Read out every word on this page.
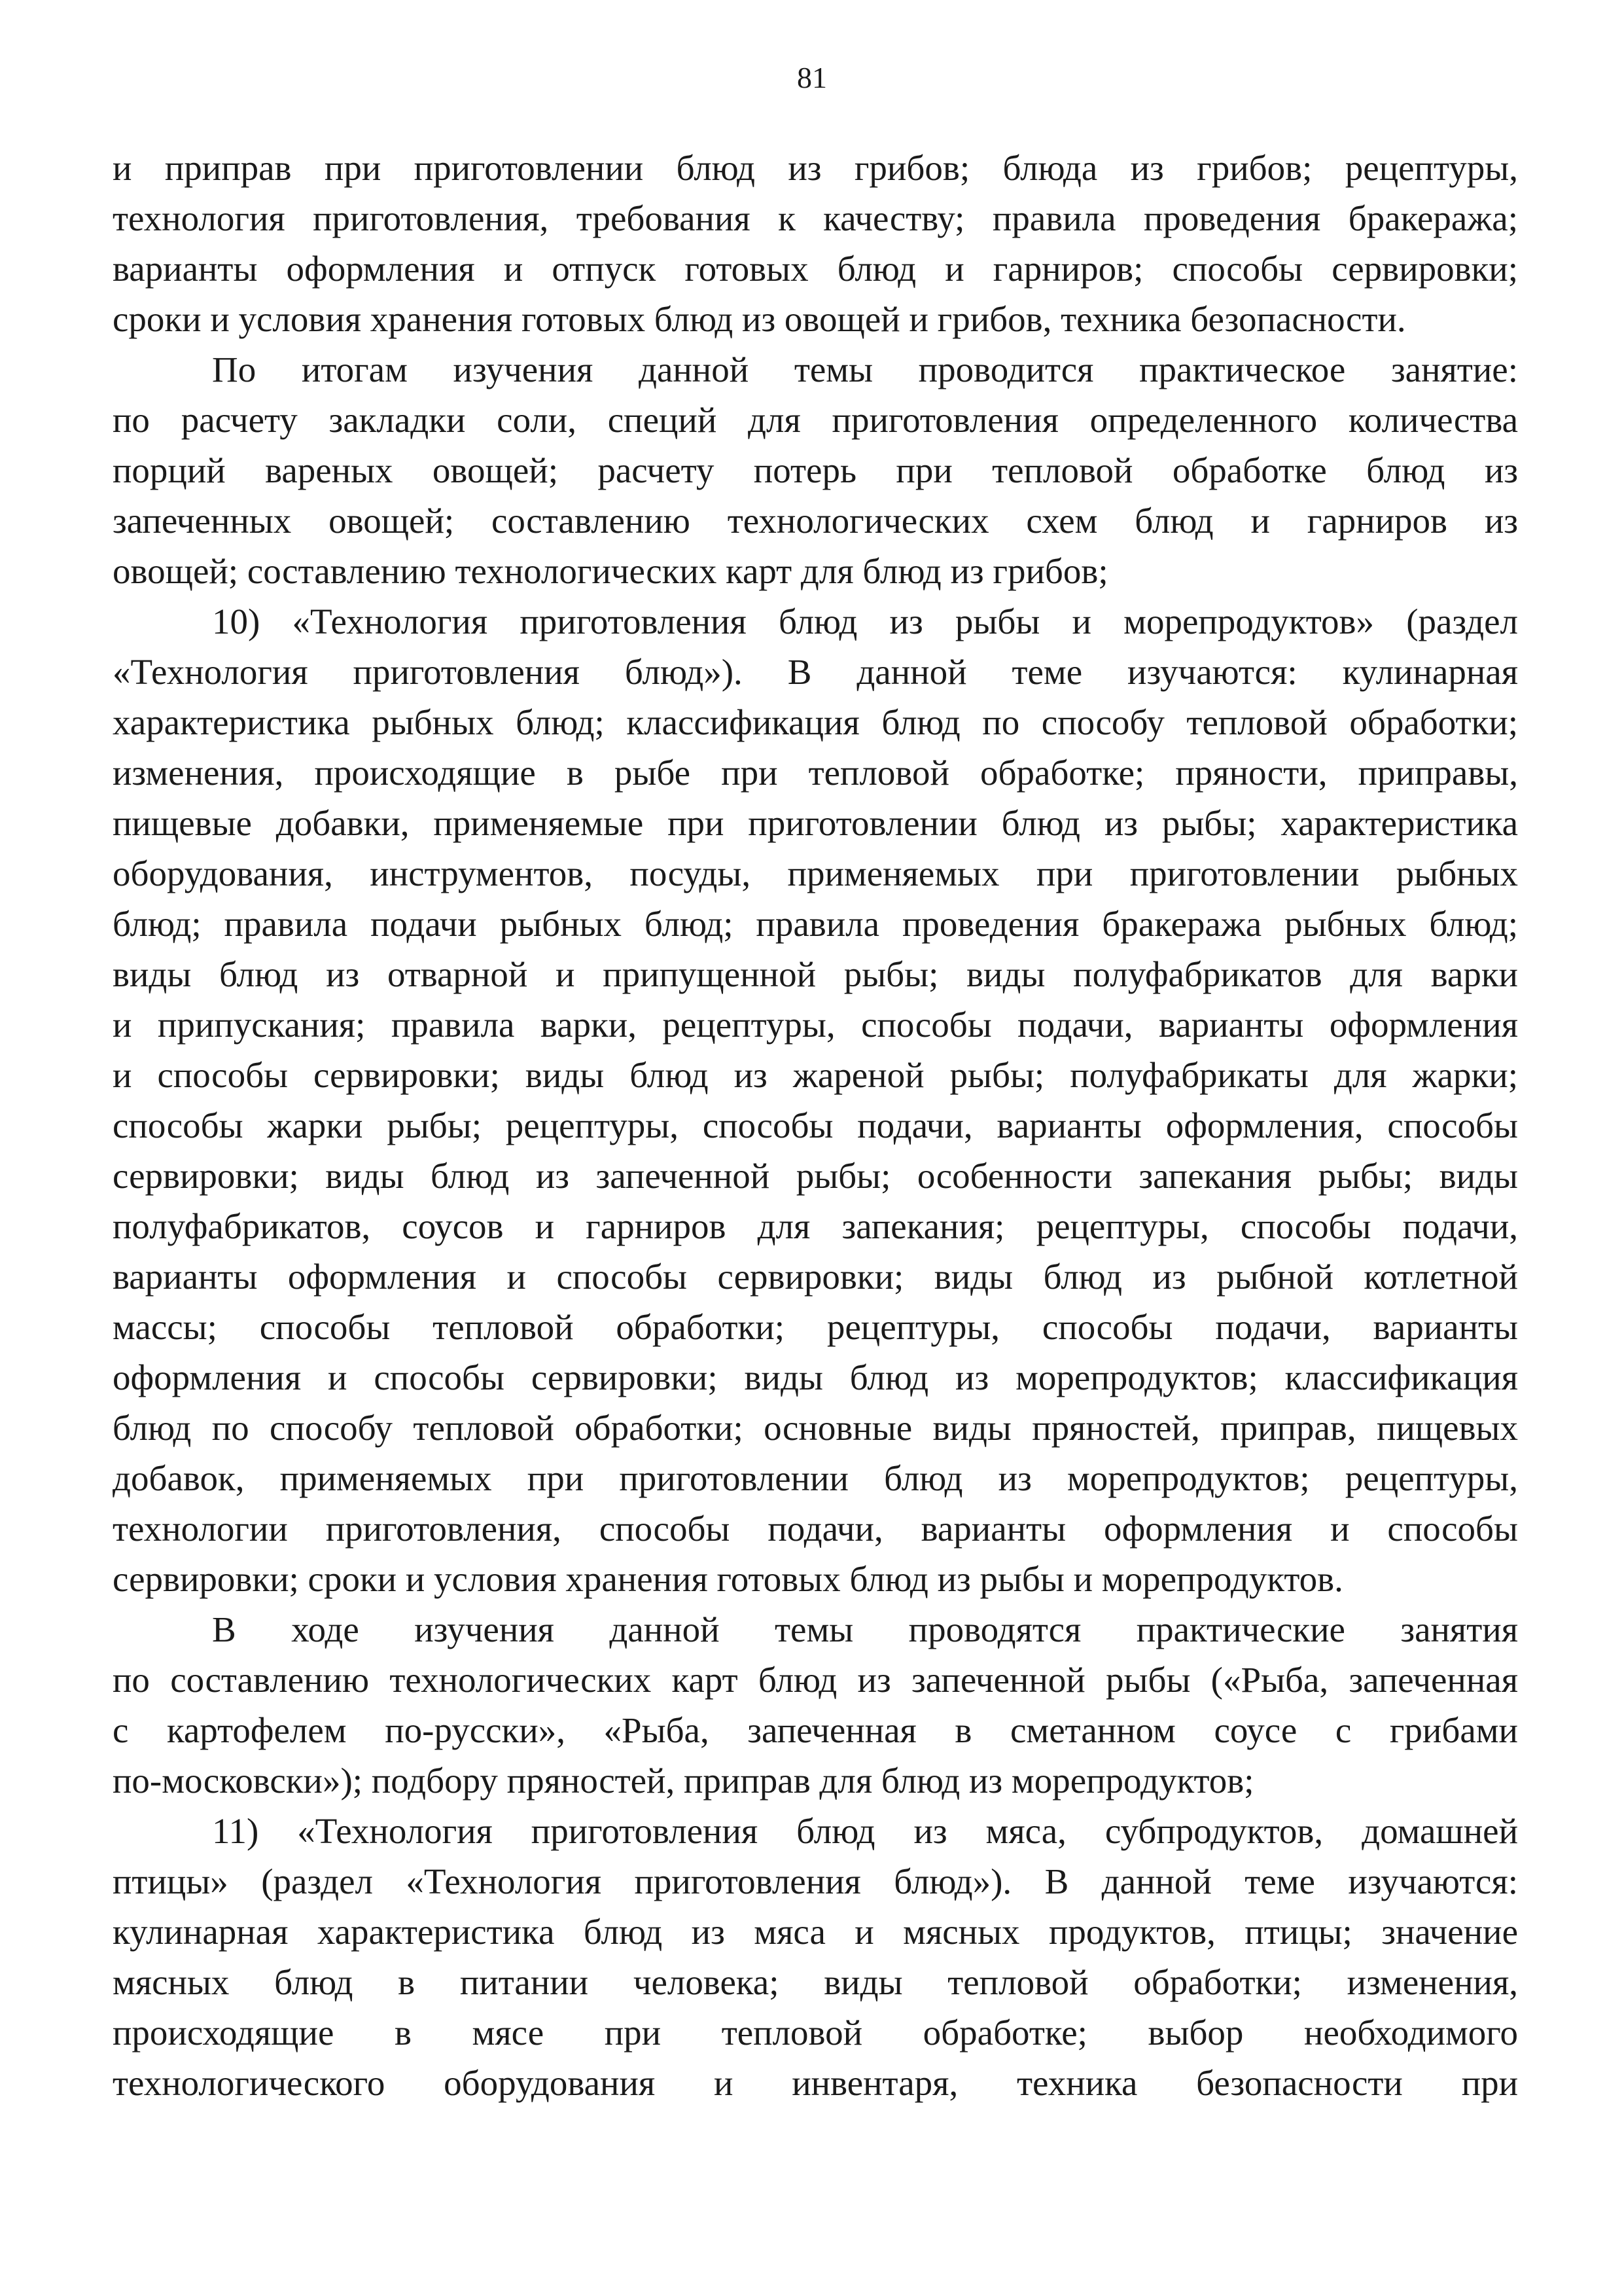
81
и приправ при приготовлении блюд из грибов; блюда из грибов; рецептуры,
технология приготовления, требования к качеству; правила проведения бракеража;
варианты оформления и отпуск готовых блюд и гарниров; способы сервировки;
сроки и условия хранения готовых блюд из овощей и грибов, техника безопасности.
По итогам изучения данной темы проводится практическое занятие:
по расчету закладки соли, специй для приготовления определенного количества
порций вареных овощей; расчету потерь при тепловой обработке блюд из
запеченных овощей; составлению технологических схем блюд и гарниров из
овощей; составлению технологических карт для блюд из грибов;
10) «Технология приготовления блюд из рыбы и морепродуктов» (раздел
«Технология приготовления блюд»). В данной теме изучаются: кулинарная
характеристика рыбных блюд; классификация блюд по способу тепловой обработки;
изменения, происходящие в рыбе при тепловой обработке; пряности, приправы,
пищевые добавки, применяемые при приготовлении блюд из рыбы; характеристика
оборудования, инструментов, посуды, применяемых при приготовлении рыбных
блюд; правила подачи рыбных блюд; правила проведения бракеража рыбных блюд;
виды блюд из отварной и припущенной рыбы; виды полуфабрикатов для варки
и припускания; правила варки, рецептуры, способы подачи, варианты оформления
и способы сервировки; виды блюд из жареной рыбы; полуфабрикаты для жарки;
способы жарки рыбы; рецептуры, способы подачи, варианты оформления, способы
сервировки; виды блюд из запеченной рыбы; особенности запекания рыбы; виды
полуфабрикатов, соусов и гарниров для запекания; рецептуры, способы подачи,
варианты оформления и способы сервировки; виды блюд из рыбной котлетной
массы; способы тепловой обработки; рецептуры, способы подачи, варианты
оформления и способы сервировки; виды блюд из морепродуктов; классификация
блюд по способу тепловой обработки; основные виды пряностей, приправ, пищевых
добавок, применяемых при приготовлении блюд из морепродуктов; рецептуры,
технологии приготовления, способы подачи, варианты оформления и способы
сервировки; сроки и условия хранения готовых блюд из рыбы и морепродуктов.
В ходе изучения данной темы проводятся практические занятия
по составлению технологических карт блюд из запеченной рыбы («Рыба, запеченная
с картофелем по-русски», «Рыба, запеченная в сметанном соусе с грибами
по-московски»); подбору пряностей, приправ для блюд из морепродуктов;
11) «Технология приготовления блюд из мяса, субпродуктов, домашней
птицы» (раздел «Технология приготовления блюд»). В данной теме изучаются:
кулинарная характеристика блюд из мяса и мясных продуктов, птицы; значение
мясных блюд в питании человека; виды тепловой обработки; изменения,
происходящие в мясе при тепловой обработке; выбор необходимого
технологического оборудования и инвентаря, техника безопасности при
